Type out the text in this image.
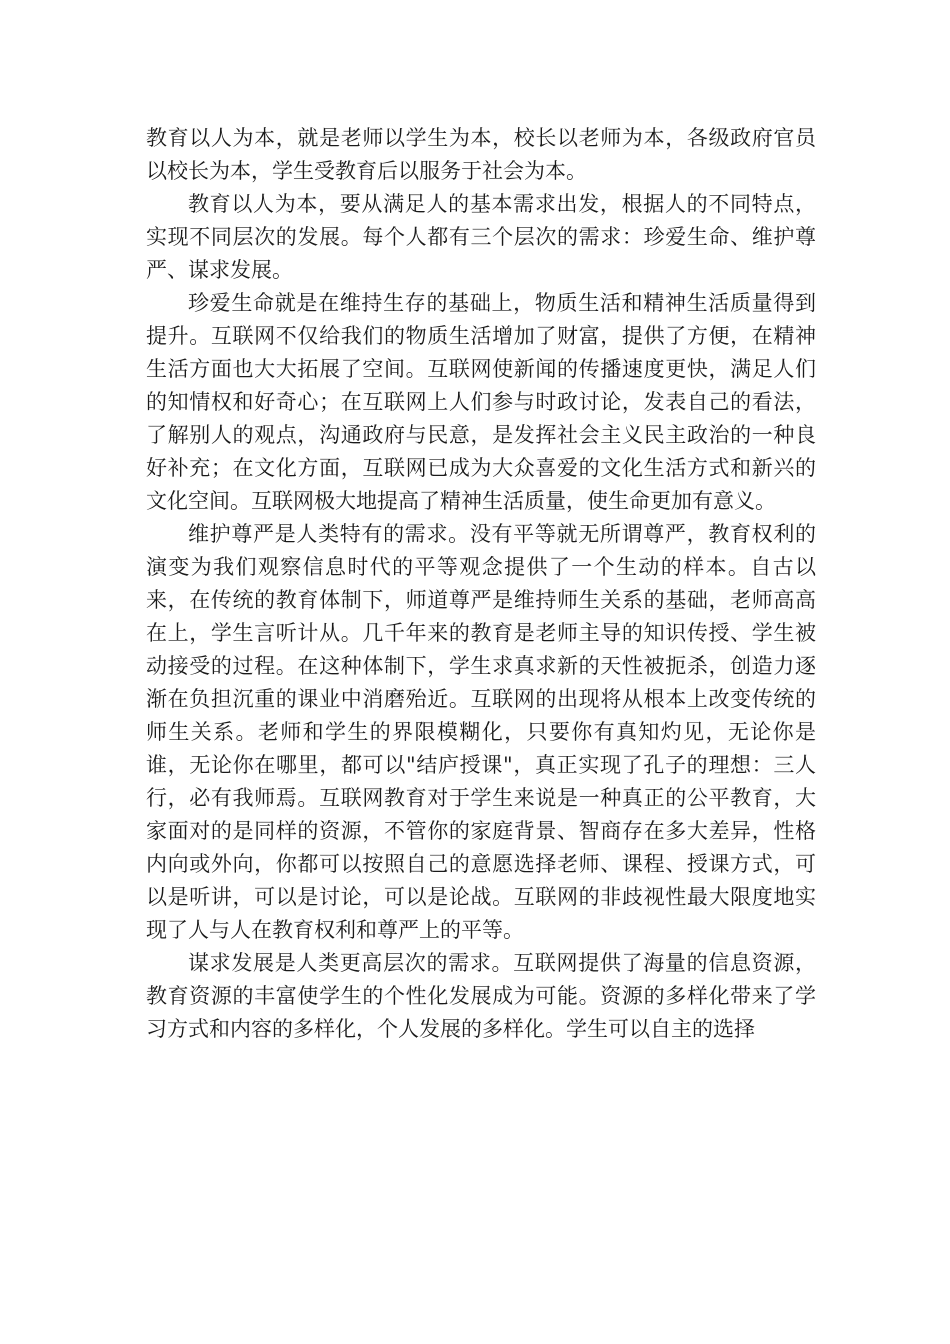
教育以人为本，就是老师以学生为本，校长以老师为本，各级政府官员以校长为本，学生受教育后以服务于社会为本。

教育以人为本，要从满足人的基本需求出发，根据人的不同特点，实现不同层次的发展。每个人都有三个层次的需求：珍爱生命、维护尊严、谋求发展。

珍爱生命就是在维持生存的基础上，物质生活和精神生活质量得到提升。互联网不仅给我们的物质生活增加了财富，提供了方便，在精神生活方面也大大拓展了空间。互联网使新闻的传播速度更快，满足人们的知情权和好奇心；在互联网上人们参与时政讨论，发表自己的看法，了解别人的观点，沟通政府与民意，是发挥社会主义民主政治的一种良好补充；在文化方面，互联网已成为大众喜爱的文化生活方式和新兴的文化空间。互联网极大地提高了精神生活质量，使生命更加有意义。

维护尊严是人类特有的需求。没有平等就无所谓尊严，教育权利的演变为我们观察信息时代的平等观念提供了一个生动的样本。自古以来，在传统的教育体制下，师道尊严是维持师生关系的基础，老师高高在上，学生言听计从。几千年来的教育是老师主导的知识传授、学生被动接受的过程。在这种体制下，学生求真求新的天性被扼杀，创造力逐渐在负担沉重的课业中消磨殆近。互联网的出现将从根本上改变传统的师生关系。老师和学生的界限模糊化，只要你有真知灼见，无论你是谁，无论你在哪里，都可以"结庐授课"，真正实现了孔子的理想：三人行，必有我师焉。互联网教育对于学生来说是一种真正的公平教育，大家面对的是同样的资源，不管你的家庭背景、智商存在多大差异，性格内向或外向，你都可以按照自己的意愿选择老师、课程、授课方式，可以是听讲，可以是讨论，可以是论战。互联网的非歧视性最大限度地实现了人与人在教育权利和尊严上的平等。

谋求发展是人类更高层次的需求。互联网提供了海量的信息资源，教育资源的丰富使学生的个性化发展成为可能。资源的多样化带来了学习方式和内容的多样化，个人发展的多样化。学生可以自主的选择
